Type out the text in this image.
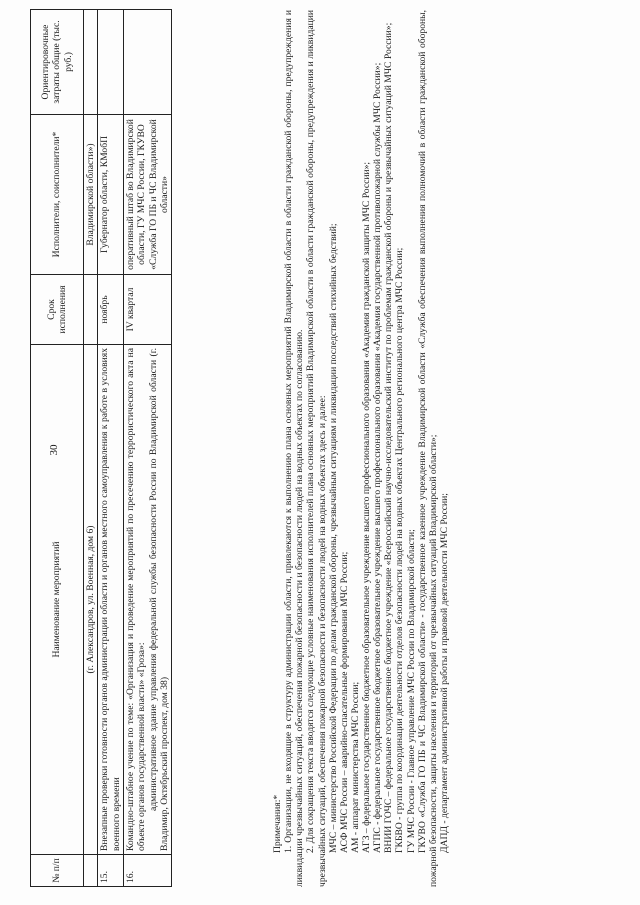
30
№ п/п	Наименование мероприятий	Срок исполнения	Исполнители, соисполнители*	Ориентировочные затраты общие (тыс. руб.)
	(г. Александров, ул. Военная, дом 6)		Владимирской области»)	
15.	Внезапные проверки готовности органов администрации области и органов местного самоуправления к работе в условиях военного времени	ноябрь	Губернатор области, КМобП	
16.	Командно-штабное учение по теме: «Организация и проведение мероприятий по пресечению террористического акта на объекте органов государственной власти» «Гроза»: административное здание управления федеральной службы безопасности России по Владимирской области (г. Владимир, Октябрьский проспект, дом 38)	IV квартал	оперативный штаб во Владимирской области, ГУ МЧС России, ГКУВО «Служба ГО ПБ и ЧС Владимирской области»	

Примечания:* 1. Организации, не входящие в структуру администрации области, привлекаются к выполнению плана основных мероприятий Владимирской области в области гражданской обороны, предупреждения и ликвидации чрезвычайных ситуаций, обеспечения пожарной безопасности и безопасности людей на водных объектах по согласованию. 2. Для сокращения текста вводятся следующие условные наименования исполнителей плана основных мероприятий Владимирской области в области гражданской обороны, предупреждения и ликвидации чрезвычайных ситуаций, обеспечения пожарной безопасности и безопасности людей на водных объектах здесь и далее: МЧС – министерство Российской Федерации по делам гражданской обороны, чрезвычайным ситуациям и ликвидации последствий стихийных бедствий; АСФ МЧС России – аварийно-спасательные формирования МЧС России; АМ - аппарат министерства МЧС России; АГЗ – федеральное государственное бюджетное образовательное учреждение высшего профессионального образования «Академия гражданской защиты МЧС России»; АГПС - федеральное государственное бюджетное образовательное учреждение высшего профессионального образования «Академия государственной противопожарной службы МЧС России»; ВНИИ ГОЧС – федеральное государственное бюджетное учреждение «Всероссийский научно-исследовательский институт по проблемам гражданской обороны и чрезвычайных ситуаций МЧС России»; ГКБВО - группа по координации деятельности отделов безопасности людей на водных объектах Центрального регионального центра МЧС России; ГУ МЧС России - Главное управление МЧС России по Владимирской области; ГКУВО «Служба ГО ПБ и ЧС Владимирской области» - государственное казенное учреждение Владимирской области «Служба обеспечения выполнения полномочий в области гражданской обороны, пожарной безопасности, защиты населения и территорий от чрезвычайных ситуаций Владимирской области»; ДАПД - департамент административной работы и правовой деятельности МЧС России;
